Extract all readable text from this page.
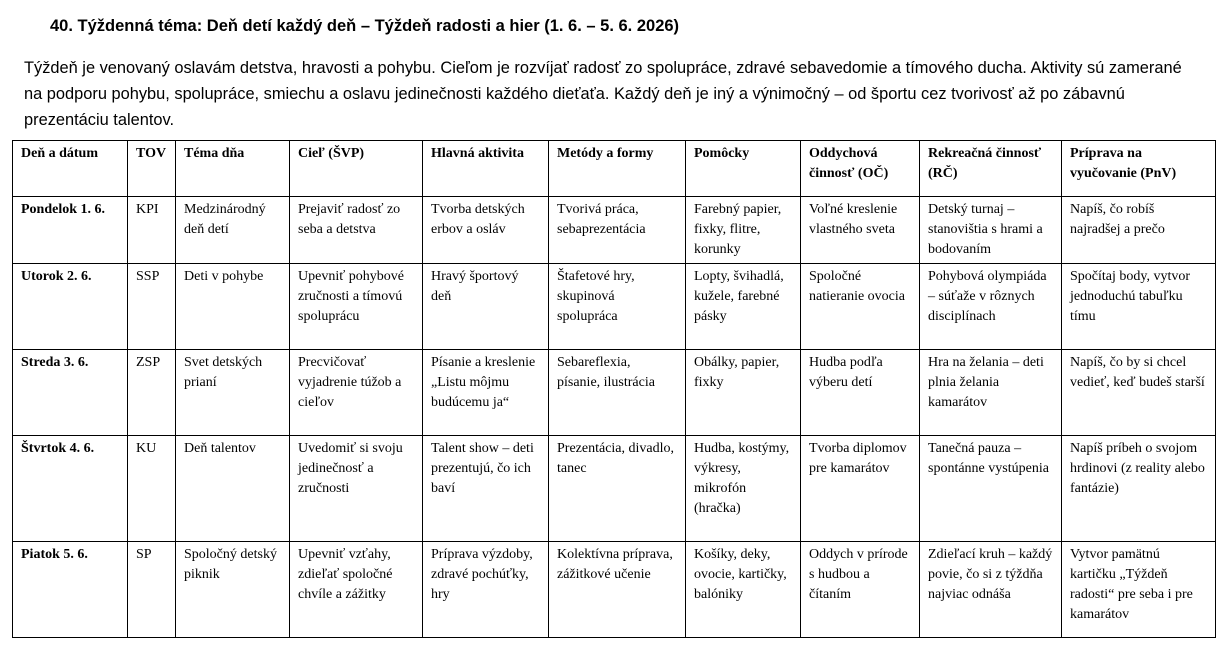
40. Týždenná téma: Deň detí každý deň – Týždeň radosti a hier (1. 6. – 5. 6. 2026)
Týždeň je venovaný oslavám detstva, hravosti a pohybu. Cieľom je rozvíjať radosť zo spolupráce, zdravé sebavedomie a tímového ducha. Aktivity sú zamerané na podporu pohybu, spolupráce, smiechu a oslavu jedinečnosti každého dieťaťa. Každý deň je iný a výnimočný – od športu cez tvorivosť až po zábavnú prezentáciu talentov.
Deň a dátum	TOV	Téma dňa	Cieľ (ŠVP)	Hlavná aktivita	Metódy a formy	Pomôcky	Oddychová činnosť (OČ)	Rekreačná činnosť (RČ)	Príprava na vyučovanie (PnV)
Pondelok 1. 6.	KPI	Medzinárodný deň detí	Prejaviť radosť zo seba a detstva	Tvorba detských erbov a osláv	Tvorivá práca, sebaprezentácia	Farebný papier, fixky, flitre, korunky	Voľné kreslenie vlastného sveta	Detský turnaj – stanovištia s hrami a bodovaním	Napíš, čo robíš najradšej a prečo
Utorok 2. 6.	SSP	Deti v pohybe	Upevniť pohybové zručnosti a tímovú spoluprácu	Hravý športový deň	Štafetové hry, skupinová spolupráca	Lopty, švihadlá, kužele, farebné pásky	Spoločné natieranie ovocia	Pohybová olympiáda – súťaže v rôznych disciplínach	Spočítaj body, vytvor jednoduchú tabuľku tímu
Streda 3. 6.	ZSP	Svet detských prianí	Precvičovať vyjadrenie túžob a cieľov	Písanie a kreslenie „Listu môjmu budúcemu ja“	Sebareflexia, písanie, ilustrácia	Obálky, papier, fixky	Hudba podľa výberu detí	Hra na želania – deti plnia želania kamarátov	Napíš, čo by si chcel vedieť, keď budeš starší
Štvrtok 4. 6.	KU	Deň talentov	Uvedomiť si svoju jedinečnosť a zručnosti	Talent show – deti prezentujú, čo ich baví	Prezentácia, divadlo, tanec	Hudba, kostýmy, výkresy, mikrofón (hračka)	Tvorba diplomov pre kamarátov	Tanečná pauza – spontánne vystúpenia	Napíš príbeh o svojom hrdinovi (z reality alebo fantázie)
Piatok 5. 6.	SP	Spoločný detský piknik	Upevniť vzťahy, zdieľať spoločné chvíle a zážitky	Príprava výzdoby, zdravé pochúťky, hry	Kolektívna príprava, zážitkové učenie	Košíky, deky, ovocie, kartičky, balóniky	Oddych v prírode s hudbou a čítaním	Zdieľací kruh – každý povie, čo si z týždňa najviac odnáša	Vytvor pamätnú kartičku „Týždeň radosti“ pre seba i pre kamarátov
